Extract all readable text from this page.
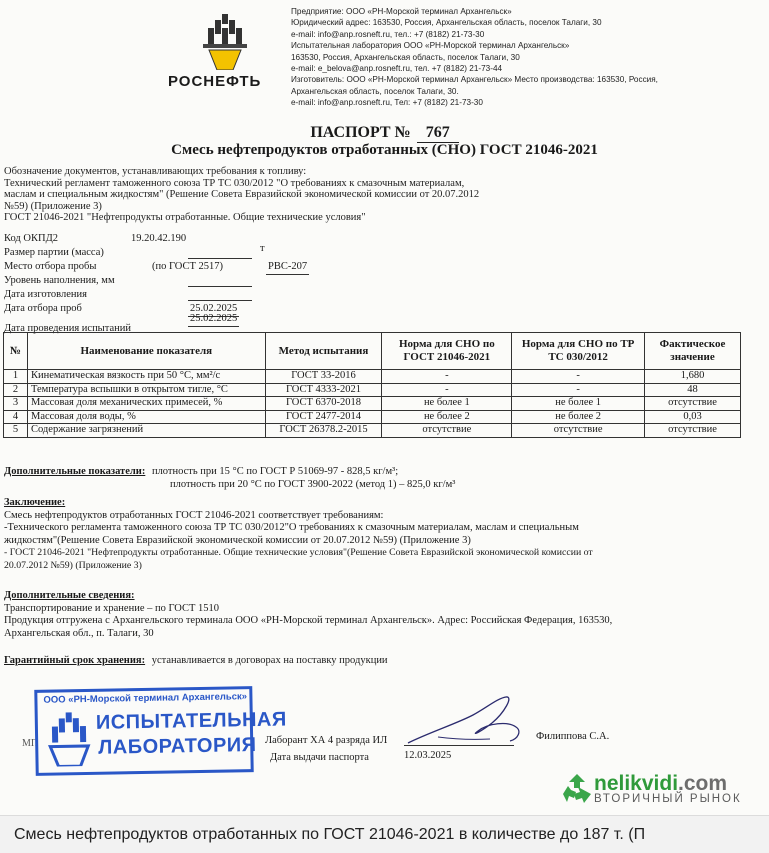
РОСНЕФТЬ
Предприятие: ООО «РН-Морской терминал Архангельск»
Юридический адрес: 163530, Россия, Архангельская область, поселок Талаги, 30
e-mail: info@anp.rosneft.ru, тел.: +7 (8182) 21-73-30
Испытательная лаборатория ООО «РН-Морской терминал Архангельск»
163530, Россия, Архангельская область, поселок Талаги, 30
e-mail: e_belova@anp.rosneft.ru, тел. +7 (8182) 21-73-44
Изготовитель: ООО «РН-Морской терминал Архангельск» Место производства: 163530, Россия,
Архангельская область, поселок Талаги, 30.
e-mail: info@anp.rosneft.ru, Тел: +7 (8182) 21-73-30
ПАСПОРТ № 767
Смесь нефтепродуктов отработанных (СНО) ГОСТ 21046-2021
Обозначение документов, устанавливающих требования к топливу:
Технический регламент таможенного союза ТР ТС 030/2012 "О требованиях к смазочным материалам,
маслам и специальным жидкостям" (Решение Совета Евразийской экономической комиссии от 20.07.2012
№59) (Приложение 3)
ГОСТ 21046-2021 "Нефтепродукты отработанные. Общие технические условия"
Код ОКПД2	19.20.42.190
Размер партии (масса)	т
Место отбора пробы	(по ГОСТ 2517)	РВС-207
Уровень наполнения, мм
Дата изготовления
Дата отбора проб	25.02.2025
Дата проведения испытаний
25.02.2025
№	Наименование показателя	Метод испытания	Норма для СНО по ГОСТ 21046-2021	Норма для СНО по ТР ТС 030/2012	Фактическое значение
1	Кинематическая вязкость при 50 °С, мм²/с	ГОСТ 33-2016	-	-	1,680
2	Температура вспышки в открытом тигле, °С	ГОСТ 4333-2021	-	-	48
3	Массовая доля механических примесей, %	ГОСТ 6370-2018	не более 1	не более 1	отсутствие
4	Массовая доля воды, %	ГОСТ 2477-2014	не более 2	не более 2	0,03
5	Содержание загрязнений	ГОСТ 26378.2-2015	отсутствие	отсутствие	отсутствие
Дополнительные показатели: плотность при 15 °С по ГОСТ Р 51069-97 - 828,5 кг/м³;
плотность при 20 °С по ГОСТ 3900-2022 (метод 1) – 825,0 кг/м³
Заключение:
Смесь нефтепродуктов отработанных ГОСТ 21046-2021 соответствует требованиям:
-Технического регламента таможенного союза ТР ТС 030/2012"О требованиях к смазочным материалам, маслам и специальным
жидкостям"(Решение Совета Евразийской экономической комиссии от 20.07.2012 №59) (Приложение 3)
- ГОСТ 21046-2021 "Нефтепродукты отработанные. Общие технические условия"(Решение Совета Евразийской экономической комиссии от
20.07.2012 №59) (Приложение 3)
Дополнительные сведения:
Транспортирование и хранение – по ГОСТ 1510
Продукция отгружена с Архангельского терминала ООО «РН-Морской терминал Архангельск». Адрес: Российская Федерация, 163530,
Архангельская обл., п. Талаги, 30
Гарантийный срок хранения: устанавливается в договорах на поставку продукции
МП
ООО «РН-Морской терминал Архангельск»
ИСПЫТАТЕЛЬНАЯ
ЛАБОРАТОРИЯ Лаборант ХА 4 разряда ИЛ	Филиппова С.А.
Дата выдачи паспорта	12.03.2025
nelikvidi.com
ВТОРИЧНЫЙ РЫНОК
Смесь нефтепродуктов отработанных по ГОСТ 21046-2021 в количестве до 187 т. (П
